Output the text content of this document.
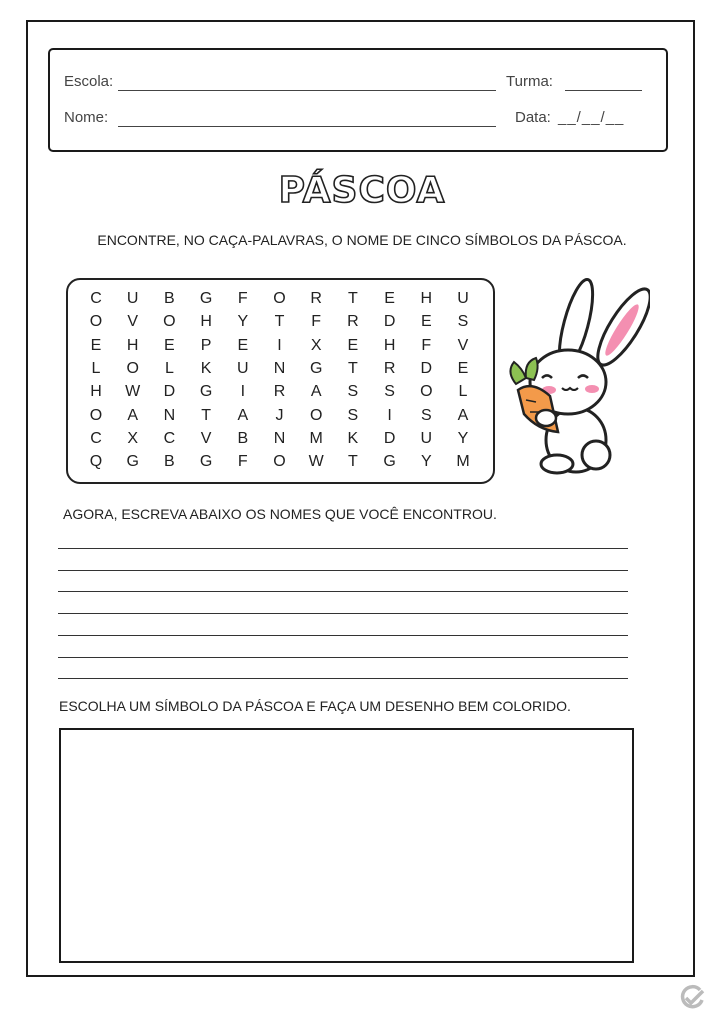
Escola:	Turma:
Nome:	Data: __/__/__
PÁSCOA
ENCONTRE, NO CAÇA-PALAVRAS, O NOME DE CINCO SÍMBOLOS DA PÁSCOA.
C	U	B	G	F	O	R	T	E	H	U
O	V	O	H	Y	T	F	R	D	E	S
E	H	E	P	E	I	X	E	H	F	V
L	O	L	K	U	N	G	T	R	D	E
H	W	D	G	I	R	A	S	S	O	L
O	A	N	T	A	J	O	S	I	S	A
C	X	C	V	B	N	M	K	D	U	Y
Q	G	B	G	F	O	W	T	G	Y	M
AGORA, ESCREVA ABAIXO OS NOMES QUE VOCÊ ENCONTROU.
ESCOLHA UM SÍMBOLO DA PÁSCOA E FAÇA UM DESENHO BEM COLORIDO.
